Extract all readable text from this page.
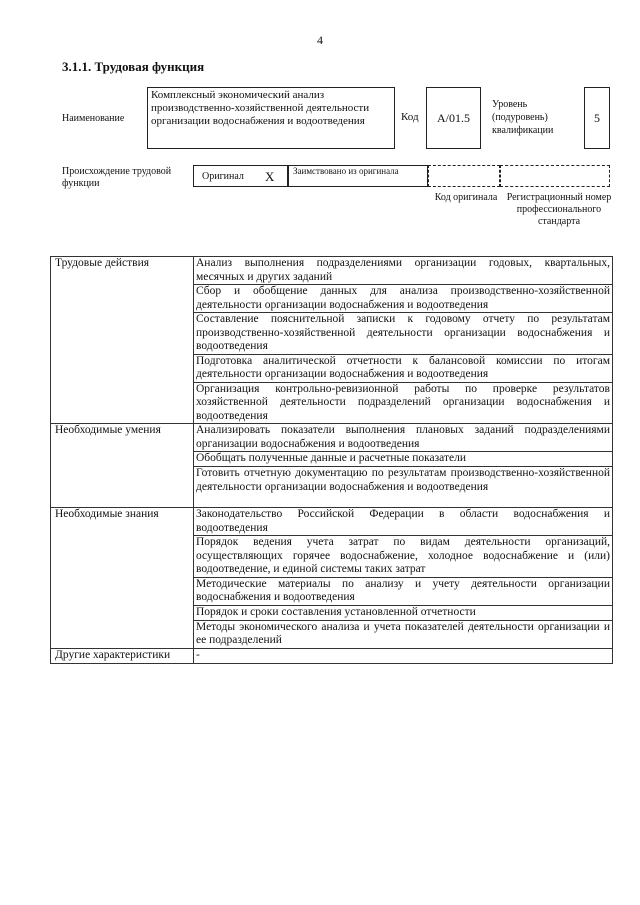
4
3.1.1. Трудовая функция
Наименование
Комплексный экономический анализ производственно-хозяйственной деятельности организации водоснабжения и водоотведения	Код	А/01.5
Уровень (подуровень) квалификации
5
Происхождение трудовой функции
Оригинал X Заимствовано из оригинала
Код оригинала Регистрационный номер профессионального стандарта
Трудовые действия	Анализ выполнения подразделениями организации годовых, квартальных, месячных и других заданий
	Сбор и обобщение данных для анализа производственно-хозяйственной деятельности организации водоснабжения и водоотведения
	Составление пояснительной записки к годовому отчету по результатам производственно-хозяйственной деятельности организации водоснабжения и водоотведения
	Подготовка аналитической отчетности к балансовой комиссии по итогам деятельности организации водоснабжения и водоотведения
	Организация контрольно-ревизионной работы по проверке результатов хозяйственной деятельности подразделений организации водоснабжения и водоотведения
Необходимые умения	Анализировать показатели выполнения плановых заданий подразделениями организации водоснабжения и водоотведения
	Обобщать полученные данные и расчетные показатели
	Готовить отчетную документацию по результатам производственно-хозяйственной деятельности организации водоснабжения и водоотведения
Необходимые знания	Законодательство Российской Федерации в области водоснабжения и водоотведения
	Порядок ведения учета затрат по видам деятельности организаций, осуществляющих горячее водоснабжение, холодное водоснабжение и (или) водоотведение, и единой системы таких затрат
	Методические материалы по анализу и учету деятельности организации водоснабжения и водоотведения
	Порядок и сроки составления установленной отчетности
	Методы экономического анализа и учета показателей деятельности организации и ее подразделений
Другие характеристики	-
